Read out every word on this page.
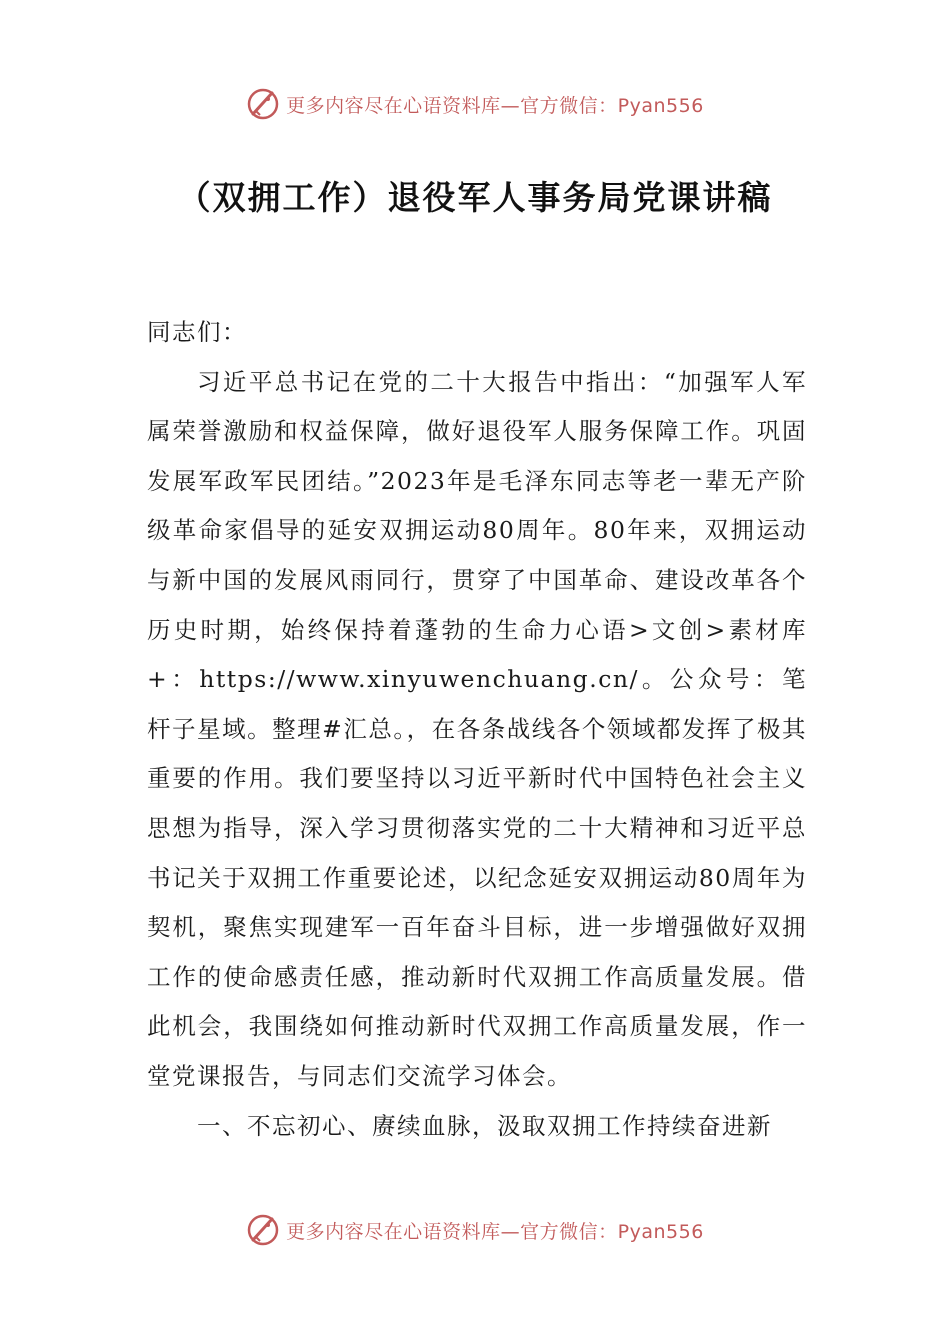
更多内容尽在心语资料库—官方微信：Pyan556
（双拥工作）退役军人事务局党课讲稿

同志们：

习近平总书记在党的二十大报告中指出：“加强军人军属荣誉激励和权益保障，做好退役军人服务保障工作。巩固发展军政军民团结。”2023年是毛泽东同志等老一辈无产阶级革命家倡导的延安双拥运动80周年。80年来，双拥运动与新中国的发展风雨同行，贯穿了中国革命、建设改革各个历史时期，始终保持着蓬勃的生命力心语>文创>素材库+：https://www.xinyuwenchuang.cn/。公众号：笔杆子星域。整理#汇总。，在各条战线各个领域都发挥了极其重要的作用。我们要坚持以习近平新时代中国特色社会主义思想为指导，深入学习贯彻落实党的二十大精神和习近平总书记关于双拥工作重要论述，以纪念延安双拥运动80周年为契机，聚焦实现建军一百年奋斗目标，进一步增强做好双拥工作的使命感责任感，推动新时代双拥工作高质量发展。借此机会，我围绕如何推动新时代双拥工作高质量发展，作一堂党课报告，与同志们交流学习体会。

一、不忘初心、赓续血脉，汲取双拥工作持续奋进新

更多内容尽在心语资料库—官方微信：Pyan556
